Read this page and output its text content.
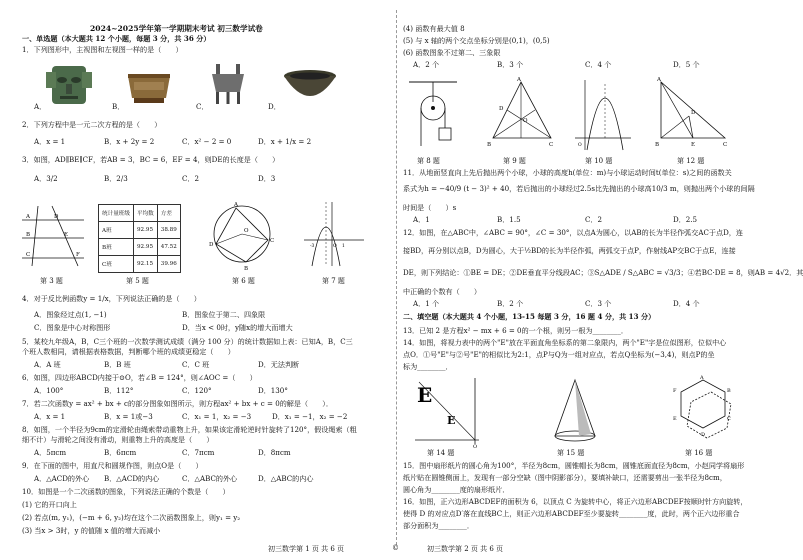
2024~2025学年第一学期期末考试 初三数学试卷
一、单选题（本大题共 12 个小题，每题 3 分，共 36 分）
1．下列图形中，主视图和左视图一样的是（　　）
A．	B．	C．	D．
2．下列方程中是一元二次方程的是（　　）
A．x = 1	B．x + 2y = 2	C．x² − 2 = 0	D．x + 1/x = 2
3．如图，AD∥BE∥CF，若AB = 3，BC = 6，EF = 4，则DE的长度是（　　）
A．3/2	B．2/3	C．2	D．3
A	D
B	E
C	F
统计量班级	平均数	方差
A班	92.95	38.89
B班	92.95	47.52
C班	92.15	39.96
O
A
D
C
B
O 1
-3
第 3 题	第 5 题	第 6 题	第 7 题
4．对于反比例函数y = 1/x，下列说法正确的是（　　）
A．图象经过点(1, −1)	B．图象位于第二、四象限
C．图象是中心对称图形	D．当x < 0时，y随x的增大而增大
5．某校九年级A，B，C三个班的一次数学测试成绩（满分 100 分）的统计数据如上表：已知A，B，C三
个班人数相同，请根据表格数据，判断哪个班的成绩更稳定（　　）
A．A 班	B．B 班	C．C 班	D．无法判断
6．如图，四边形ABCD内接于⊙O，若∠B = 124°，则∠AOC =（　　）
A．100°	B．112°	C．120°	D．130°
7．若二次函数y = ax² + bx + c的部分图象如图所示，则方程ax² + bx + c = 0的解是（　　）．
A．x = 1	B．x = 1或−3	C．x₁ = 1，x₂ = −3	D．x₁ = −1，x₂ = −2
8．如图，一个半径为9cm的定滑轮由绳索带动重物上升，如果该定滑轮逆时针旋转了120°，假设绳索（粗
细不计）与滑轮之间没有滑动，则重物上升的高度是（　　）
A．5πcm	B．6πcm	C．7πcm	D．8πcm
9．在下面的图中，用直尺和圆规作图，则点O是（　　）
A．△ACD的外心 B．△ACD的内心	C．△ABC的外心	D．△ABC的内心
10．如图是一个二次函数的图象，下列说法正确的个数是（　　）
(1) 它的开口向上
(2) 若点(m, y₁)，(−m + 6, y₂)均在这个二次函数图象上，则y₁ = y₂
(3) 当x > 3时，y 的值随 x 值的增大而减小
初三数学第 1 页 共 6 页	©
(4) 函数有最大值 8
(5) 与 x 轴的两个交点坐标分别是(0,1)，(0,5)
(6) 函数图象不过第二、三象限
A．2 个	B．3 个	C．4 个	D．5 个
O
A
B	C
D
O
A
B	C
D
E
第 8 题	第 9 题	第 10 题	第 12 题
11．从地面竖直向上先后抛出两个小球，小球的高度h(单位：m)与小球运动时间t(单位：s)之间的函数关
系式为h = −40/9 (t − 3)² + 40，若后抛出的小球经过2.5s比先抛出的小球高10/3 m，则抛出两个小球的间隔
时间是（　　）s
A．1	B．1.5	C．2	D．2.5
12．如图，在△ABC中，∠ABC = 90°，∠C = 30°，以点A为圆心，以AB的长为半径作弧交AC于点D，连
接BD，再分别以点B，D为圆心，大于½BD的长为半径作弧，两弧交于点P，作射线AP交BC于点E，连接
DE，则下列结论：①BE = DE；②DE垂直平分线段AC；③S△ADE / S△ABC = √3/3；④若BC·DE = 8，则AB = 4√2．其
中正确的个数有（　　）
A．1 个	B．2 个	C．3 个	D．4 个
二、填空题（本大题共 4 个小题，13-15 每题 3 分，16 题 4 分，共 13 分）
13．已知 2 是方程x² − mx + 6 = 0的一个根，则另一根为________．
14．如图，将视力表中的两个"E"放在平面直角坐标系的第二象限内，两个"E"字是位似图形，位似中心
点O．①号"E"与②号"E"的相似比为2:1，点P与Q为一组对应点，若点Q坐标为(−3,4)，则点P的坐
标为________．
E
E
O
A
B
C
D
E
F
第 14 题	第 15 题	第 16 题
15．图中扇形纸片的圆心角为100°，半径为8cm，圆锥帽长为8cm，圆锥底面直径为8cm，小赵同学将扇形
纸片贴在圆锥侧面上，发现有一部分空缺（图中阴影部分），要填补缺口，还需要剪出一张半径为8cm，
圆心角为________度的扇形纸片．
16．如图，正六边形ABCDEF的面积为 6，以顶点 C 为旋转中心，将正六边形ABCDEF按顺时针方向旋转，
使得 D 的对应点D′落在直线BC上，则正六边形ABCDEF至少要旋转________度，此时，两个正六边形重合
部分面积为________．
初三数学第 2 页 共 6 页
